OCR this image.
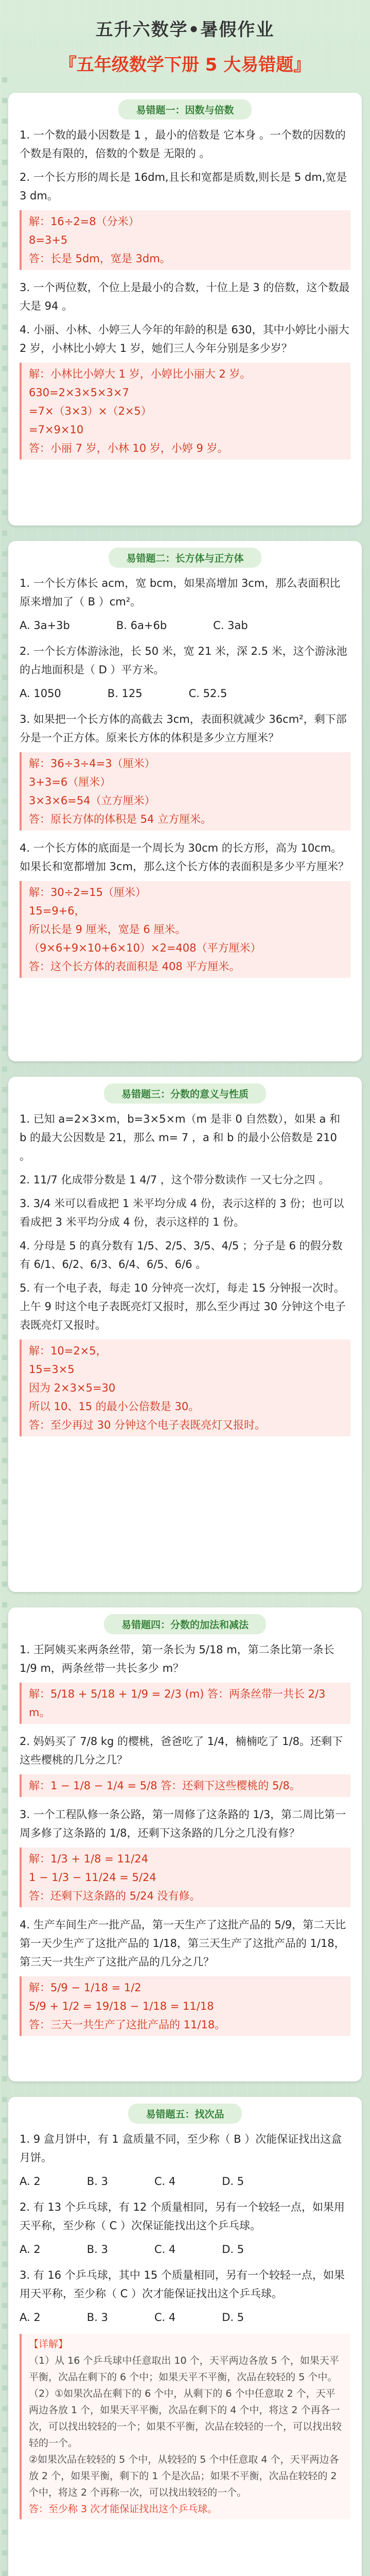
五升六数学•暑假作业
『五年级数学下册 5 大易错题』
易错题一：因数与倍数

1. 一个数的最小因数是 1 ，最小的倍数是 它本身 。一个数的因数的个数是有限的，倍数的个数是 无限的 。

2. 一个长方形的周长是 16dm,且长和宽都是质数,则长是 5 dm,宽是 3 dm。

解：16÷2=8（分米）
8=3+5
答：长是 5dm，宽是 3dm。

3. 一个两位数，个位上是最小的合数，十位上是 3 的倍数，这个数最大是 94 。

4. 小丽、小林、小婷三人今年的年龄的积是 630，其中小婷比小丽大 2 岁，小林比小婷大 1 岁，她们三人今年分别是多少岁？

解：小林比小婷大 1 岁，小婷比小丽大 2 岁。
630=2×3×5×3×7
=7×（3×3）×（2×5）
=7×9×10
答：小丽 7 岁，小林 10 岁，小婷 9 岁。
易错题二：长方体与正方体

1. 一个长方体长 acm，宽 bcm，如果高增加 3cm，那么表面积比原来增加了（ B ）cm²。

A. 3a+3b	B. 6a+6b	C. 3ab

2. 一个长方体游泳池，长 50 米，宽 21 米，深 2.5 米，这个游泳池的占地面积是（ D ）平方米。

A. 1050	B. 125	C. 52.5

3. 如果把一个长方体的高截去 3cm，表面积就减少 36cm²，剩下部分是一个正方体。原来长方体的体积是多少立方厘米？

解：36÷3÷4=3（厘米）
3+3=6（厘米）
3×3×6=54（立方厘米）
答：原长方体的体积是 54 立方厘米。

4. 一个长方体的底面是一个周长为 30cm 的长方形，高为 10cm。如果长和宽都增加 3cm，那么这个长方体的表面积是多少平方厘米？

解：30÷2=15（厘米）
15=9+6，
所以长是 9 厘米，宽是 6 厘米。
（9×6+9×10+6×10）×2=408（平方厘米）
答：这个长方体的表面积是 408 平方厘米。
易错题三：分数的意义与性质

1. 已知 a=2×3×m，b=3×5×m（m 是非 0 自然数），如果 a 和 b 的最大公因数是 21，那么 m= 7 ，a 和 b 的最小公倍数是 210 。

2. 11/7 化成带分数是 1 4/7 ，这个带分数读作 一又七分之四 。

3. 3/4 米可以看成把 1 米平均分成 4 份，表示这样的 3 份；也可以看成把 3 米平均分成 4 份，表示这样的 1 份。

4. 分母是 5 的真分数有 1/5、2/5、3/5、4/5 ；分子是 6 的假分数有 6/1、6/2、6/3、6/4、6/5、6/6 。

5. 有一个电子表，每走 10 分钟亮一次灯，每走 15 分钟报一次时。上午 9 时这个电子表既亮灯又报时，那么至少再过 30 分钟这个电子表既亮灯又报时。

解：10=2×5，
15=3×5
因为 2×3×5=30
所以 10、15 的最小公倍数是 30。
答：至少再过 30 分钟这个电子表既亮灯又报时。
易错题四：分数的加法和减法

1. 王阿姨买来两条丝带，第一条长为 5/18 m，第二条比第一条长 1/9 m，两条丝带一共长多少 m？

解：5/18 + 5/18 + 1/9 = 2/3 (m) 答：两条丝带一共长 2/3 m。

2. 妈妈买了 7/8 kg 的樱桃，爸爸吃了 1/4，楠楠吃了 1/8。还剩下这些樱桃的几分之几？

解：1 − 1/8 − 1/4 = 5/8 答：还剩下这些樱桃的 5/8。

3. 一个工程队修一条公路，第一周修了这条路的 1/3，第二周比第一周多修了这条路的 1/8，还剩下这条路的几分之几没有修？

解：1/3 + 1/8 = 11/24
1 − 1/3 − 11/24 = 5/24
答：还剩下这条路的 5/24 没有修。

4. 生产车间生产一批产品，第一天生产了这批产品的 5/9，第二天比第一天少生产了这批产品的 1/18，第三天生产了这批产品的 1/18，第三天一共生产了这批产品的几分之几？

解：5/9 − 1/18 = 1/2
5/9 + 1/2 = 19/18 − 1/18 = 11/18
答：三天一共生产了这批产品的 11/18。
易错题五：找次品

1. 9 盒月饼中，有 1 盒质量不同，至少称（ B ）次能保证找出这盒月饼。

A. 2	B. 3	C. 4	D. 5

2. 有 13 个乒乓球，有 12 个质量相同，另有一个较轻一点，如果用天平称，至少称（ C ）次保证能找出这个乒乓球。

A. 2	B. 3	C. 4	D. 5

3. 有 16 个乒乓球，其中 15 个质量相同，另有一个较轻一点，如果用天平称，至少称（ C ）次才能保证找出这个乒乓球。

A. 2	B. 3	C. 4	D. 5
【详解】
（1）从 16 个乒乓球中任意取出 10 个，天平两边各放 5 个，如果天平平衡，次品在剩下的 6 个中；如果天平不平衡，次品在较轻的 5 个中。
（2）①如果次品在剩下的 6 个中，从剩下的 6 个中任意取 2 个，天平两边各放 1 个，如果天平平衡，次品在剩下的 4 个中，将这 2 个再各一次，可以找出较轻的一个；如果不平衡，次品在较轻的一个，可以找出较轻的一个。
②如果次品在较轻的 5 个中，从较轻的 5 个中任意取 4 个，天平两边各放 2 个，如果平衡，剩下的 1 个是次品；如果不平衡，次品在较轻的 2 个中，将这 2 个再称一次，可以找出较轻的一个。
答：至少称 3 次才能保证找出这个乒乓球。
